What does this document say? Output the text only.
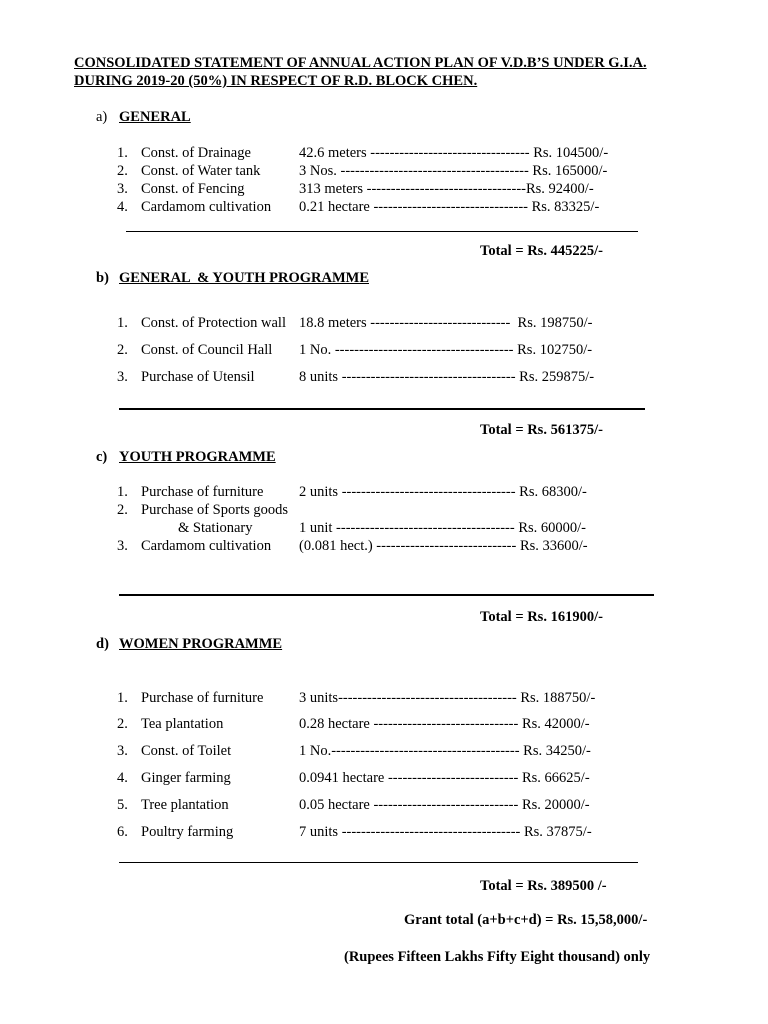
CONSOLIDATED STATEMENT OF ANNUAL ACTION PLAN OF V.D.B’S UNDER G.I.A.
DURING 2019-20 (50%) IN RESPECT OF R.D. BLOCK CHEN.
a) GENERAL
1. Const. of Drainage	42.6 meters --------------------------------- Rs. 104500/-
2. Const. of Water tank	3 Nos. --------------------------------------- Rs. 165000/-
3. Const. of Fencing	313 meters ---------------------------------Rs. 92400/-
4. Cardamom cultivation 0.21 hectare -------------------------------- Rs. 83325/-
Total = Rs. 445225/-
b) GENERAL  & YOUTH PROGRAMME
1. Const. of Protection wall 18.8 meters -----------------------------  Rs. 198750/-
2. Const. of Council Hall 1 No. ------------------------------------- Rs. 102750/-
3. Purchase of Utensil	8 units ------------------------------------ Rs. 259875/-
Total = Rs. 561375/-
c) YOUTH PROGRAMME
1. Purchase of furniture 2 units ------------------------------------ Rs. 68300/-
2. Purchase of Sports goods
& Stationary	1 unit ------------------------------------- Rs. 60000/-
3. Cardamom cultivation (0.081 hect.) ----------------------------- Rs. 33600/-
Total = Rs. 161900/-
d) WOMEN PROGRAMME
1. Purchase of furniture 3 units------------------------------------- Rs. 188750/-
2. Tea plantation	0.28 hectare ------------------------------ Rs. 42000/-
3. Const. of Toilet	1 No.--------------------------------------- Rs. 34250/-
4. Ginger farming	0.0941 hectare --------------------------- Rs. 66625/-
5. Tree plantation	0.05 hectare ------------------------------ Rs. 20000/-
6. Poultry farming	7 units ------------------------------------- Rs. 37875/-
Total = Rs. 389500 /-
Grant total (a+b+c+d) = Rs. 15,58,000/-
(Rupees Fifteen Lakhs Fifty Eight thousand) only
